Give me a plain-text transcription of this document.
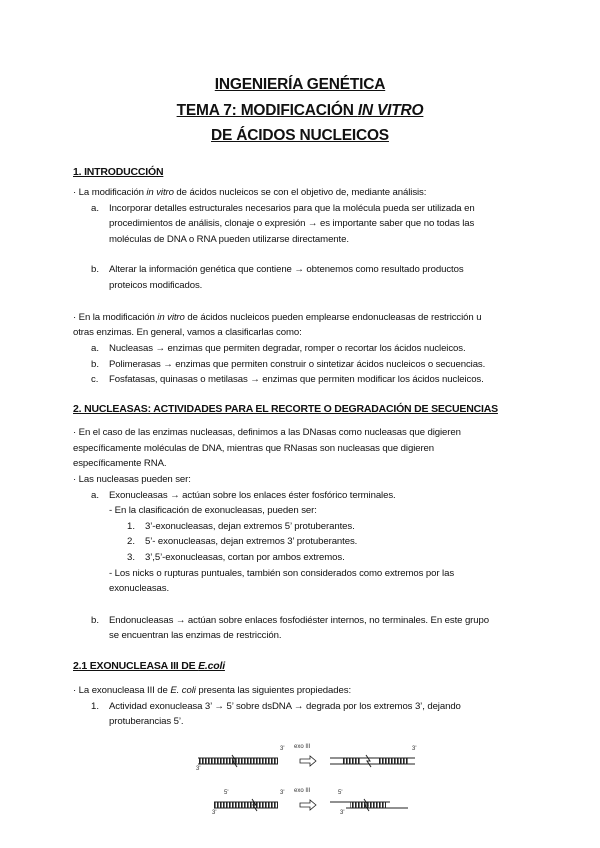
INGENIERÍA GENÉTICA
TEMA 7: MODIFICACIÓN IN VITRO
DE ÁCIDOS NUCLEICOS
1. INTRODUCCIÓN
· La modificación in vitro de ácidos nucleicos se con el objetivo de, mediante análisis:
a. Incorporar detalles estructurales necesarios para que la molécula pueda ser utilizada en
procedimientos de análisis, clonaje o expresión → es importante saber que no todas las
moléculas de DNA o RNA pueden utilizarse directamente.
b. Alterar la información genética que contiene → obtenemos como resultado productos
proteicos modificados.
· En la modificación in vitro de ácidos nucleicos pueden emplearse endonucleasas de restricción u
otras enzimas. En general, vamos a clasificarlas como:
a. Nucleasas → enzimas que permiten degradar, romper o recortar los ácidos nucleicos.
b. Polimerasas → enzimas que permiten construir o sintetizar ácidos nucleicos o secuencias.
c. Fosfatasas, quinasas o metilasas → enzimas que permiten modificar los ácidos nucleicos.
2. NUCLEASAS: ACTIVIDADES PARA EL RECORTE O DEGRADACIÓN DE SECUENCIAS
· En el caso de las enzimas nucleasas, definimos a las DNasas como nucleasas que digieren
específicamente moléculas de DNA, mientras que RNasas son nucleasas que digieren
específicamente RNA.
· Las nucleasas pueden ser:
a. Exonucleasas → actúan sobre los enlaces éster fosfórico terminales.
- En la clasificación de exonucleasas, pueden ser:
1. 3’-exonucleasas, dejan extremos 5’ protuberantes.
2. 5’- exonucleasas, dejan extremos 3’ protuberantes.
3. 3’,5’-exonucleasas, cortan por ambos extremos.
- Los nicks o rupturas puntuales, también son considerados como extremos por las
exonucleasas.
b. Endonucleasas → actúan sobre enlaces fosfodiéster internos, no terminales. En este grupo
se encuentran las enzimas de restricción.
2.1 EXONUCLEASA III DE E.coli
· La exonucleasa III de E. coli presenta las siguientes propiedades:
1. Actividad exonucleasa 3’ → 5’ sobre dsDNA → degrada por los extremos 3’, dejando
protuberancias 5’.
3'
3' exo III	3'
5'
3'
3' exo III	5'
3'
